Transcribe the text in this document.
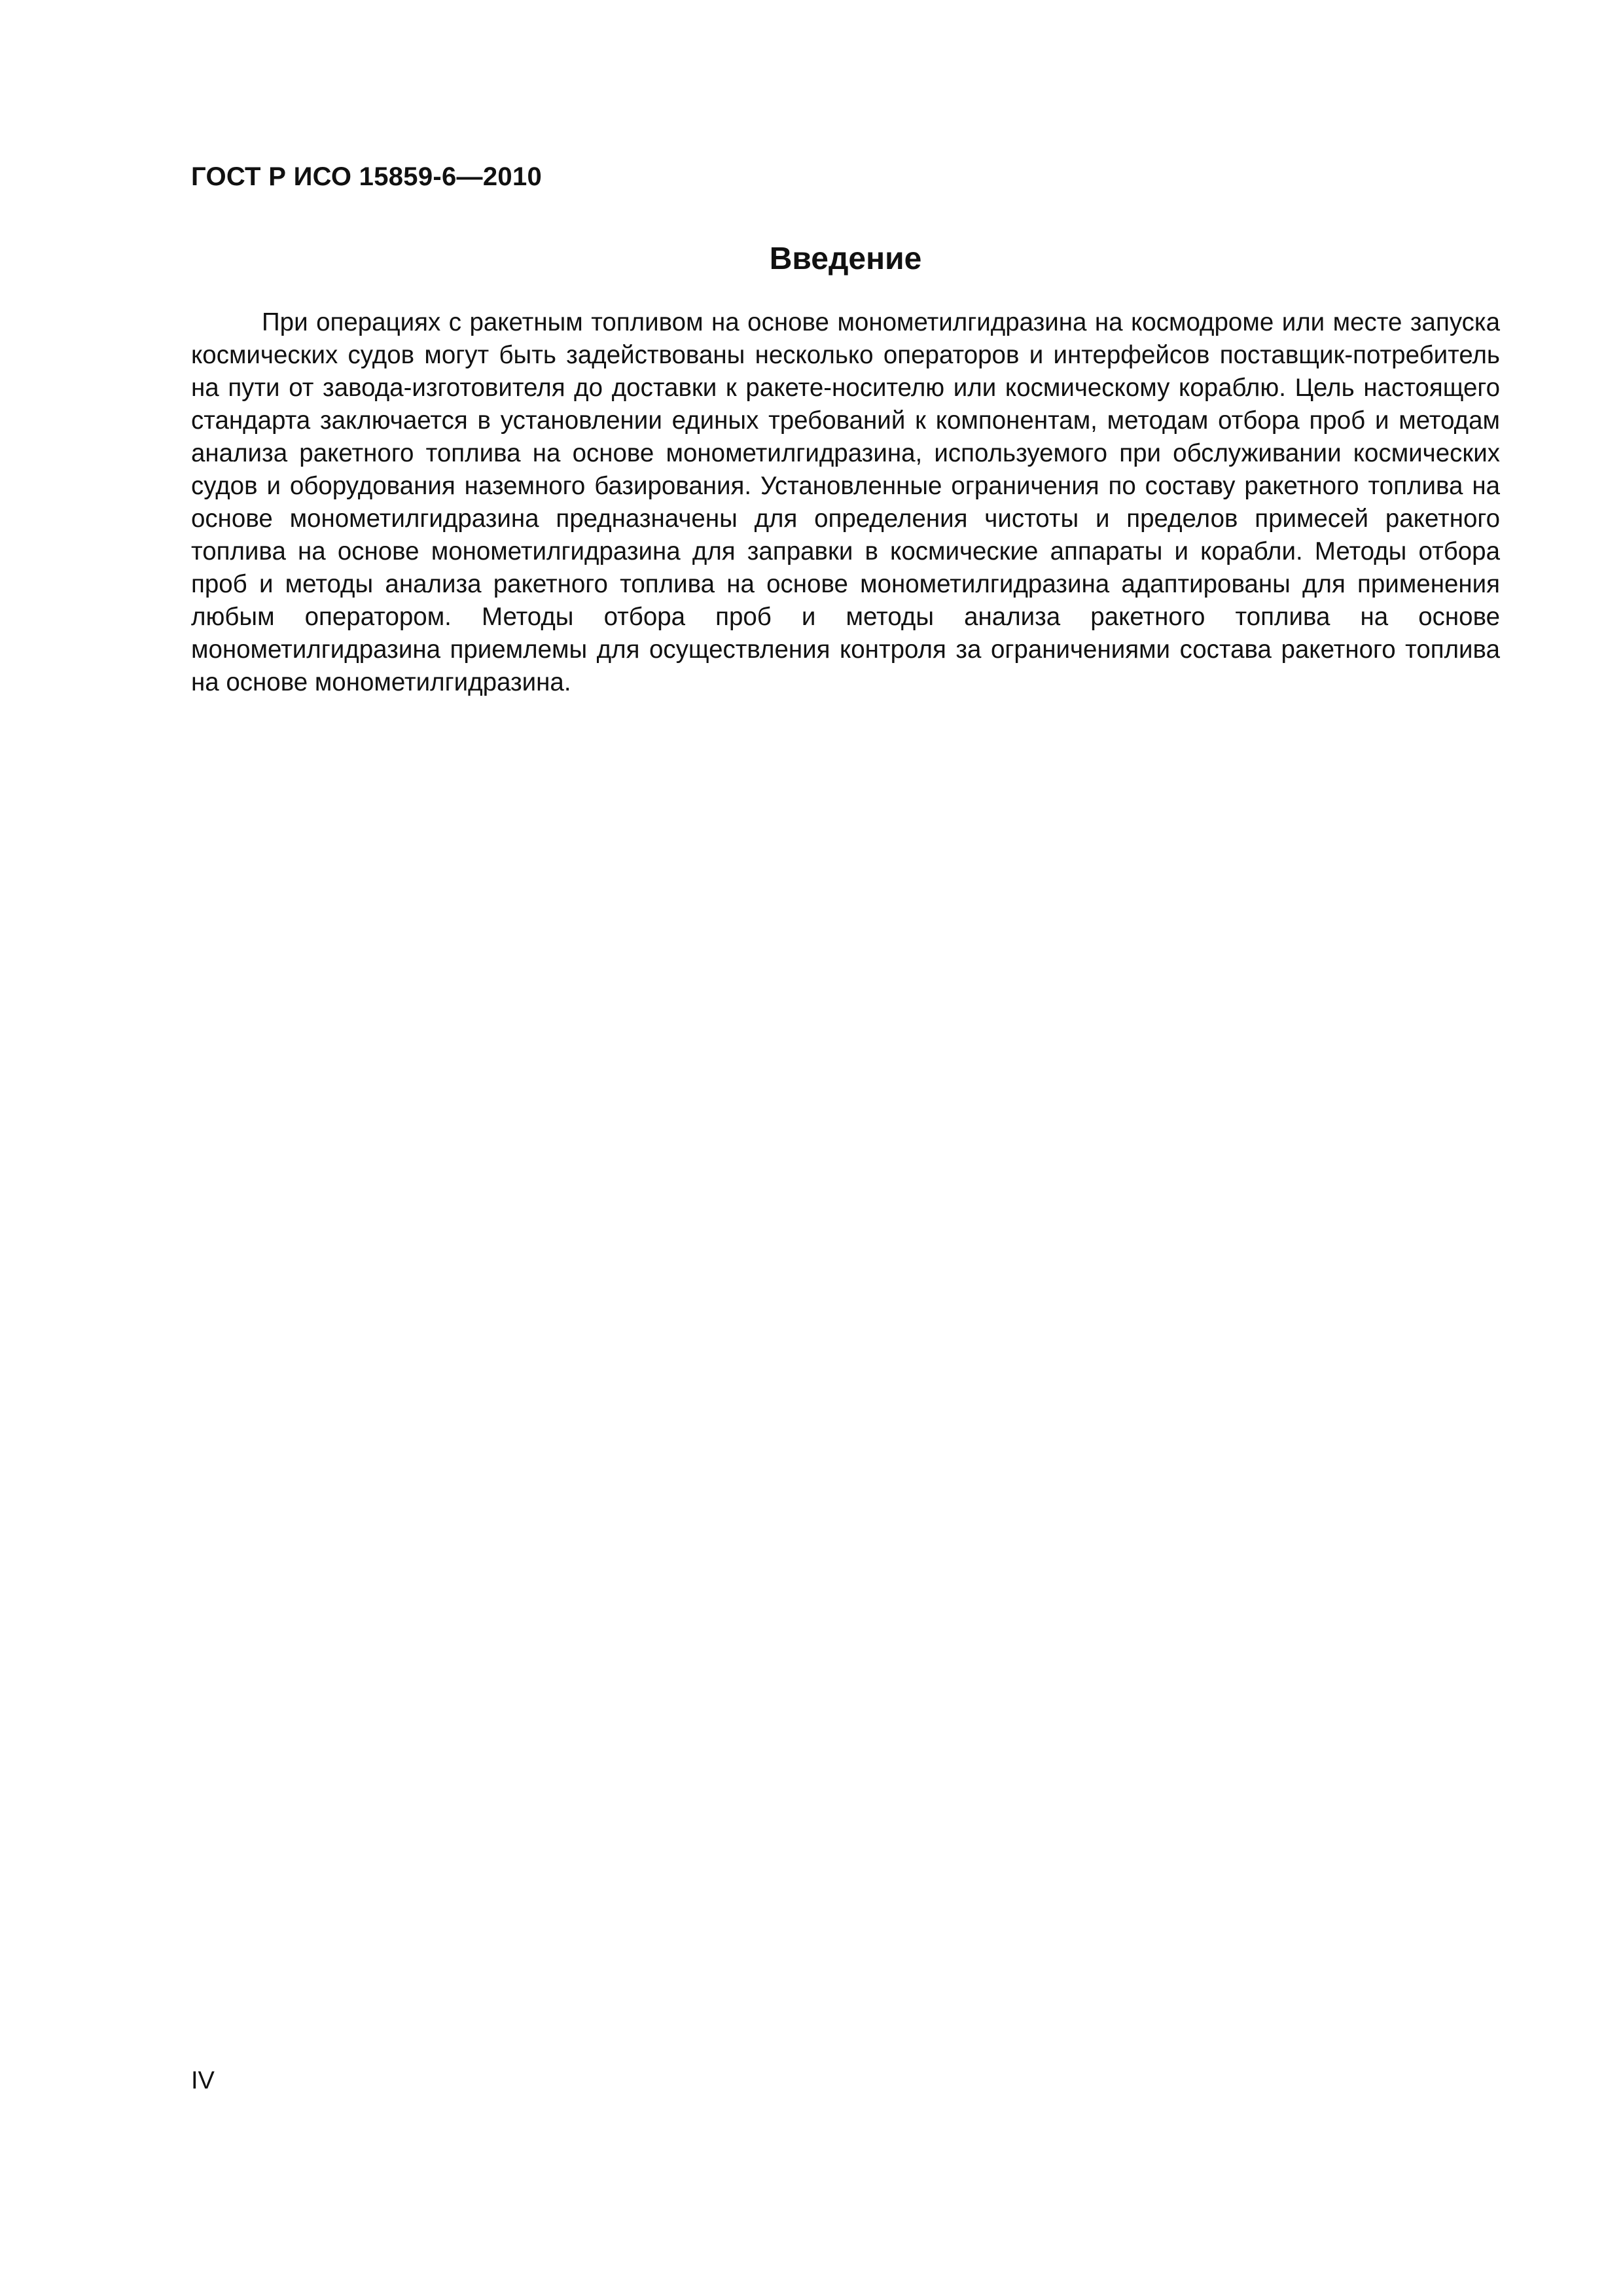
ГОСТ Р ИСО 15859-6—2010
Введение

При операциях с ракетным топливом на основе монометилгидразина на космодроме или месте запуска космических судов могут быть задействованы несколько операторов и интерфейсов поставщик-потребитель на пути от завода-изготовителя до доставки к ракете-носителю или космическому кораблю. Цель настоящего стандарта заключается в установлении единых требований к компонентам, методам отбора проб и методам анализа ракетного топлива на основе монометилгидразина, используемого при обслуживании космических судов и оборудования наземного базирования. Установленные ограничения по составу ракетного топлива на основе монометилгидразина предназначены для определения чистоты и пределов примесей ракетного топлива на основе монометилгидразина для заправки в космические аппараты и корабли. Методы отбора проб и методы анализа ракетного топлива на основе монометилгидразина адаптированы для применения любым оператором. Методы отбора проб и методы анализа ракетного топлива на основе монометилгидразина приемлемы для осуществления контроля за ограничениями состава ракетного топлива на основе монометилгидразина.

IV
